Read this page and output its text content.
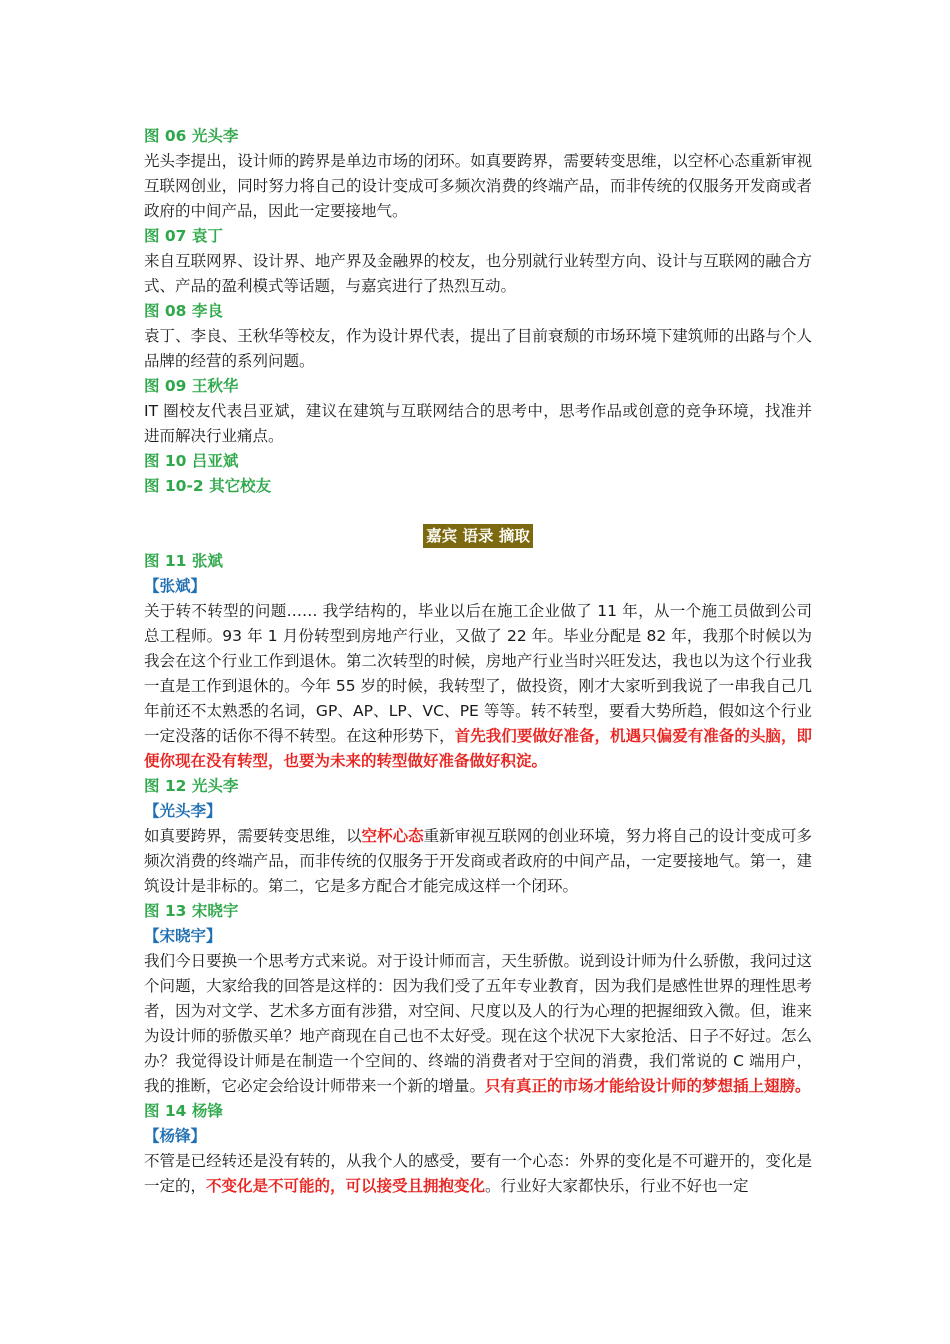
图 06 光头李
光头李提出，设计师的跨界是单边市场的闭环。如真要跨界，需要转变思维，以空杯心态重新审视互联网创业，同时努力将自己的设计变成可多频次消费的终端产品，而非传统的仅服务开发商或者政府的中间产品，因此一定要接地气。
图 07 袁丁
来自互联网界、设计界、地产界及金融界的校友，也分别就行业转型方向、设计与互联网的融合方式、产品的盈利模式等话题，与嘉宾进行了热烈互动。
图 08 李良
袁丁、李良、王秋华等校友，作为设计界代表，提出了目前衰颓的市场环境下建筑师的出路与个人品牌的经营的系列问题。
图 09 王秋华
IT 圈校友代表吕亚斌，建议在建筑与互联网结合的思考中，思考作品或创意的竞争环境，找准并进而解决行业痛点。
图 10 吕亚斌
图 10-2 其它校友
嘉宾 语录 摘取
图 11 张斌
【张斌】
关于转不转型的问题…… 我学结构的，毕业以后在施工企业做了 11 年，从一个施工员做到公司总工程师。93 年 1 月份转型到房地产行业，又做了 22 年。毕业分配是 82 年，我那个时候以为我会在这个行业工作到退休。第二次转型的时候，房地产行业当时兴旺发达，我也以为这个行业我一直是工作到退休的。今年 55 岁的时候，我转型了，做投资，刚才大家听到我说了一串我自己几年前还不太熟悉的名词，GP、AP、LP、VC、PE 等等。转不转型，要看大势所趋，假如这个行业一定没落的话你不得不转型。在这种形势下，首先我们要做好准备，机遇只偏爱有准备的头脑，即便你现在没有转型，也要为未来的转型做好准备做好积淀。
图 12 光头李
【光头李】
如真要跨界，需要转变思维，以空杯心态重新审视互联网的创业环境，努力将自己的设计变成可多频次消费的终端产品，而非传统的仅服务于开发商或者政府的中间产品，一定要接地气。第一，建筑设计是非标的。第二，它是多方配合才能完成这样一个闭环。
图 13 宋晓宇
【宋晓宇】
我们今日要换一个思考方式来说。对于设计师而言，天生骄傲。说到设计师为什么骄傲，我问过这个问题，大家给我的回答是这样的：因为我们受了五年专业教育，因为我们是感性世界的理性思考者，因为对文学、艺术多方面有涉猎，对空间、尺度以及人的行为心理的把握细致入微。但，谁来为设计师的骄傲买单？地产商现在自己也不太好受。现在这个状况下大家抢活、日子不好过。怎么办？我觉得设计师是在制造一个空间的、终端的消费者对于空间的消费，我们常说的 C 端用户，我的推断，它必定会给设计师带来一个新的增量。只有真正的市场才能给设计师的梦想插上翅膀。
图 14 杨锋
【杨锋】
不管是已经转还是没有转的，从我个人的感受，要有一个心态：外界的变化是不可避开的，变化是一定的，不变化是不可能的，可以接受且拥抱变化。行业好大家都快乐，行业不好也一定
